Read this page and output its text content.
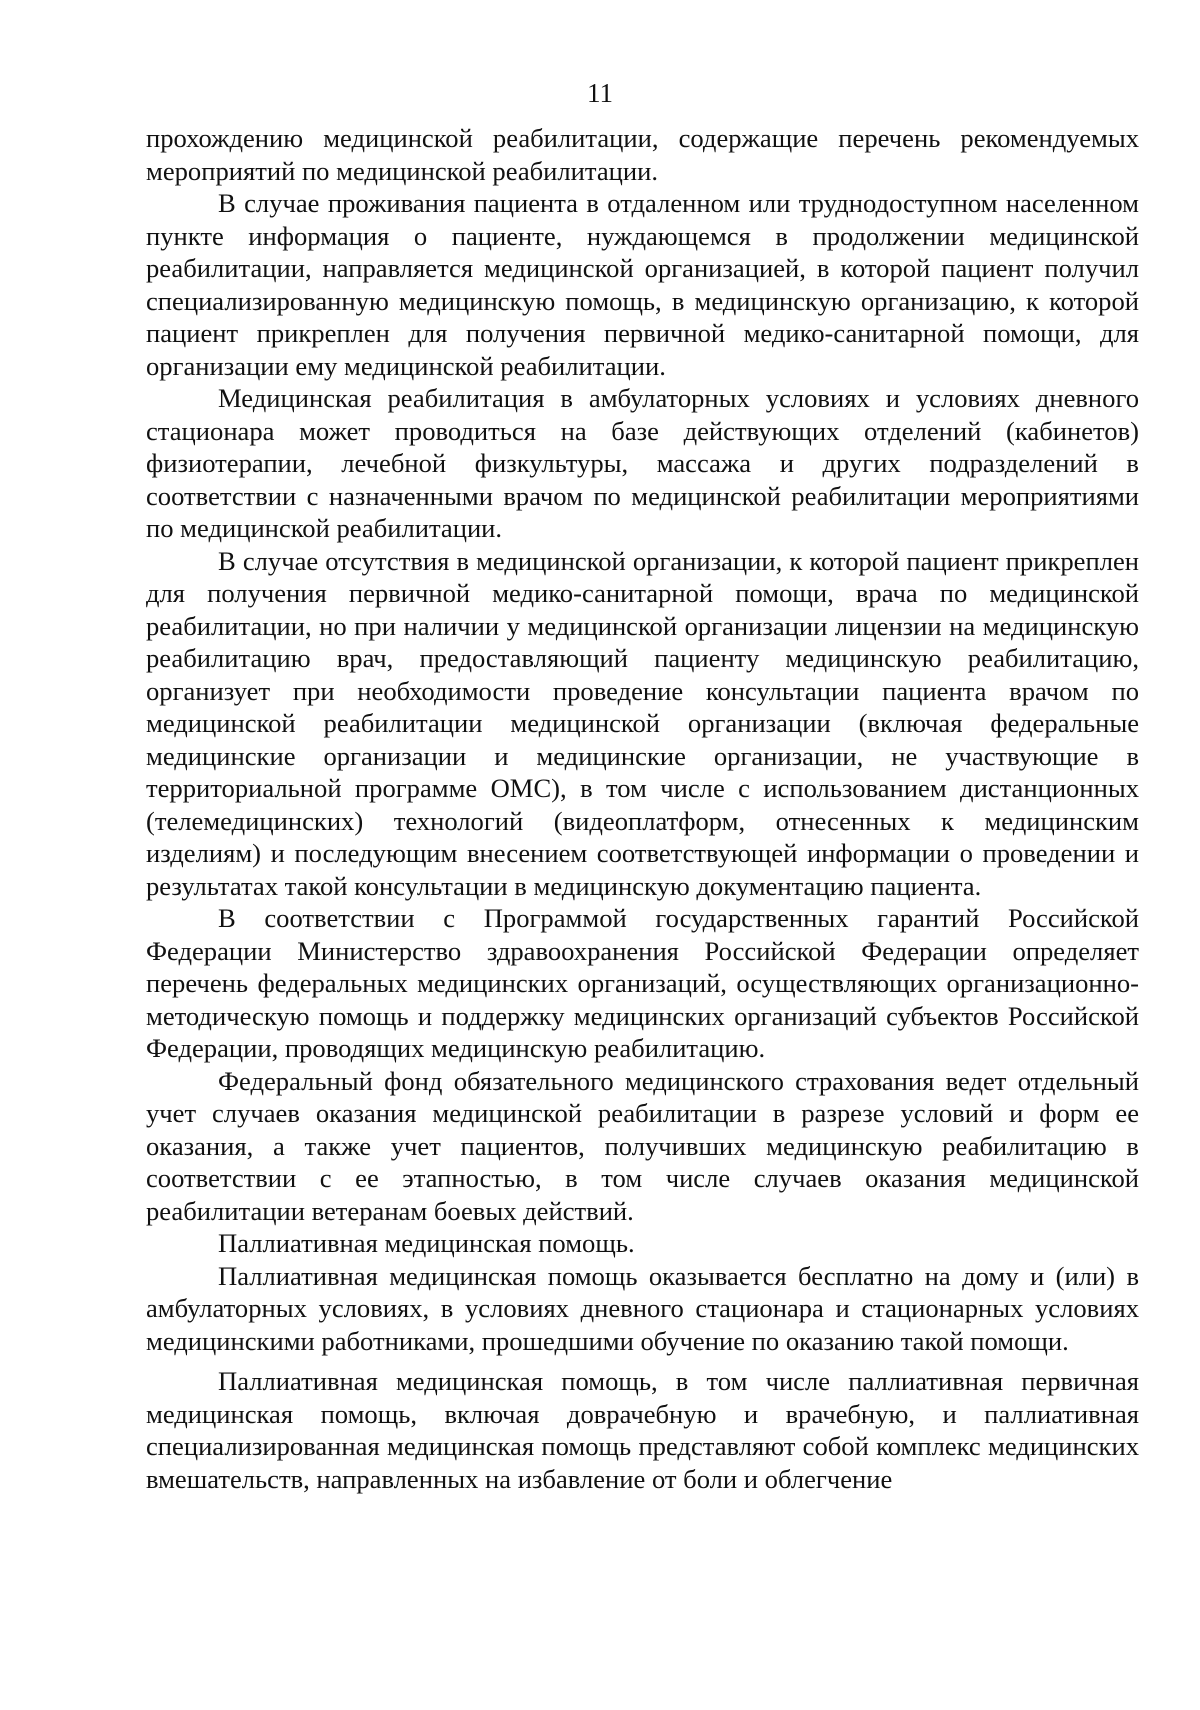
11

прохождению медицинской реабилитации, содержащие перечень рекомендуемых мероприятий по медицинской реабилитации.

В случае проживания пациента в отдаленном или труднодоступном населенном пункте информация о пациенте, нуждающемся в продолжении медицинской реабилитации, направляется медицинской организацией, в которой пациент получил специализированную медицинскую помощь, в медицинскую организацию, к которой пациент прикреплен для получения первичной медико-санитарной помощи, для организации ему медицинской реабилитации.

Медицинская реабилитация в амбулаторных условиях и условиях дневного стационара может проводиться на базе действующих отделений (кабинетов) физиотерапии, лечебной физкультуры, массажа и других подразделений в соответствии с назначенными врачом по медицинской реабилитации мероприятиями по медицинской реабилитации.

В случае отсутствия в медицинской организации, к которой пациент прикреплен для получения первичной медико-санитарной помощи, врача по медицинской реабилитации, но при наличии у медицинской организации лицензии на медицинскую реабилитацию врач, предоставляющий пациенту медицинскую реабилитацию, организует при необходимости проведение консультации пациента врачом по медицинской реабилитации медицинской организации (включая федеральные медицинские организации и медицинские организации, не участвующие в территориальной программе ОМС), в том числе с использованием дистанционных (телемедицинских) технологий (видеоплатформ, отнесенных к медицинским изделиям) и последующим внесением соответствующей информации о проведении и результатах такой консультации в медицинскую документацию пациента.

В соответствии с Программой государственных гарантий Российской Федерации Министерство здравоохранения Российской Федерации определяет перечень федеральных медицинских организаций, осуществляющих организационно-методическую помощь и поддержку медицинских организаций субъектов Российской Федерации, проводящих медицинскую реабилитацию.

Федеральный фонд обязательного медицинского страхования ведет отдельный учет случаев оказания медицинской реабилитации в разрезе условий и форм ее оказания, а также учет пациентов, получивших медицинскую реабилитацию в соответствии с ее этапностью, в том числе случаев оказания медицинской реабилитации ветеранам боевых действий.

Паллиативная медицинская помощь.

Паллиативная медицинская помощь оказывается бесплатно на дому и (или) в амбулаторных условиях, в условиях дневного стационара и стационарных условиях медицинскими работниками, прошедшими обучение по оказанию такой помощи.

Паллиативная медицинская помощь, в том числе паллиативная первичная медицинская помощь, включая доврачебную и врачебную, и паллиативная специализированная медицинская помощь представляют собой комплекс медицинских вмешательств, направленных на избавление от боли и облегчение
